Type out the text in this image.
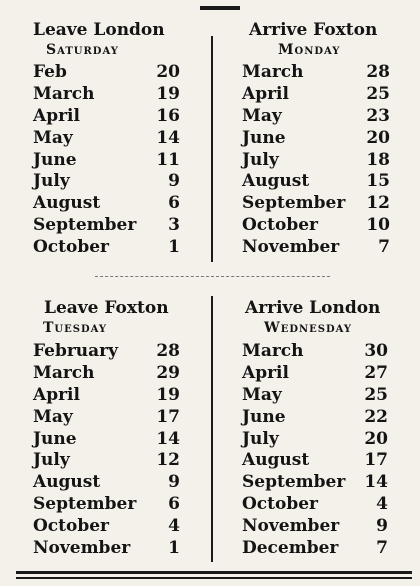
Leave London
Saturday
Feb	20
March	19
April	16
May	14
June	11
July	9
August	6
September 3
October	1
Arrive Foxton
Monday
March	28
April	25
May	23
June	20
July	18
August	15
September 12
October	10
November 7
Leave Foxton
Tuesday
February 28
March	29
April	19
May	17
June	14
July	12
August	9
September 6
October	4
November 1
Arrive London
Wednesday
March	30
April	27
May	25
June	22
July	20
August	17
September 14
October	4
November 9
December 7
